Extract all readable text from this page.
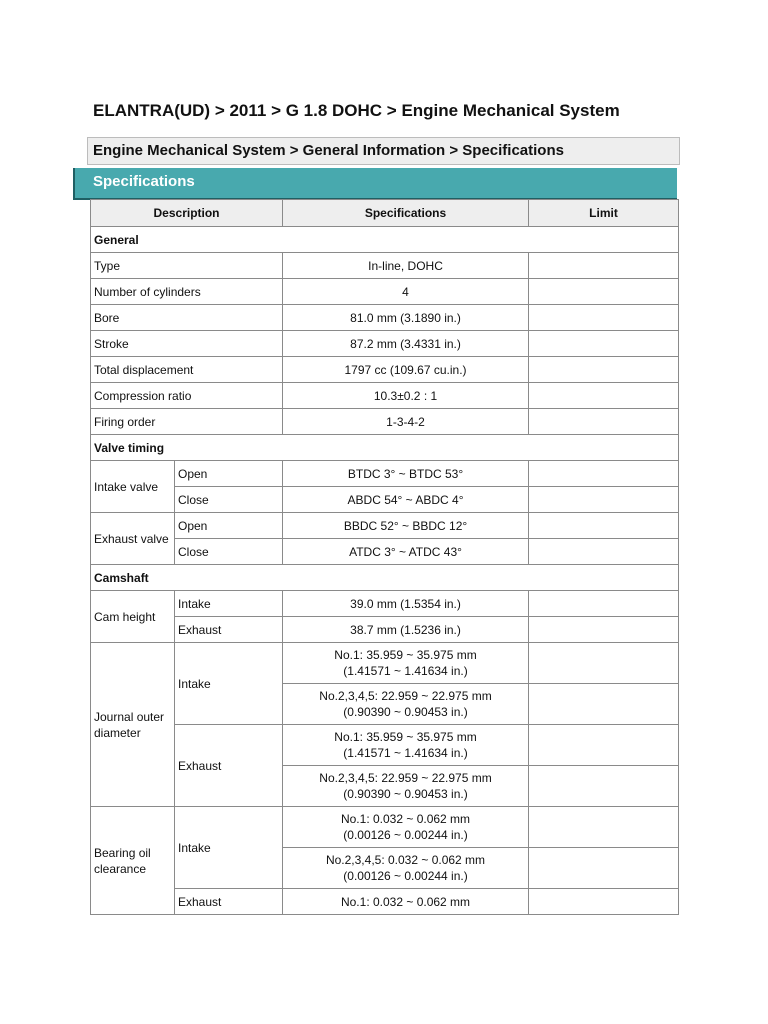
ELANTRA(UD) > 2011 > G 1.8 DOHC > Engine Mechanical System
Engine Mechanical System > General Information > Specifications
Specifications
Description		Specifications	Limit
General			
Type		In-line, DOHC	
Number of cylinders		4	
Bore		81.0 mm (3.1890 in.)	
Stroke		87.2 mm (3.4331 in.)	
Total displacement		1797 cc (109.67 cu.in.)	
Compression ratio		10.3±0.2 : 1	
Firing order		1-3-4-2	
Valve timing			
Intake valve	Open	BTDC 3° ~ BTDC 53°	
	Close	ABDC 54° ~ ABDC 4°	
Exhaust valve	Open	BBDC 52° ~ BBDC 12°	
	Close	ATDC 3° ~ ATDC 43°	
Camshaft			
Cam height	Intake	39.0 mm (1.5354 in.)	
	Exhaust	38.7 mm (1.5236 in.)	
Journal outer diameter	Intake	No.1: 35.959 ~ 35.975 mm
(1.41571 ~ 1.41634 in.)	
		No.2,3,4,5: 22.959 ~ 22.975 mm
(0.90390 ~ 0.90453 in.)	
	Exhaust	No.1: 35.959 ~ 35.975 mm
(1.41571 ~ 1.41634 in.)	
		No.2,3,4,5: 22.959 ~ 22.975 mm
(0.90390 ~ 0.90453 in.)	
Bearing oil clearance	Intake	No.1: 0.032 ~ 0.062 mm
(0.00126 ~ 0.00244 in.)	
		No.2,3,4,5: 0.032 ~ 0.062 mm
(0.00126 ~ 0.00244 in.)	
	Exhaust	No.1: 0.032 ~ 0.062 mm	
